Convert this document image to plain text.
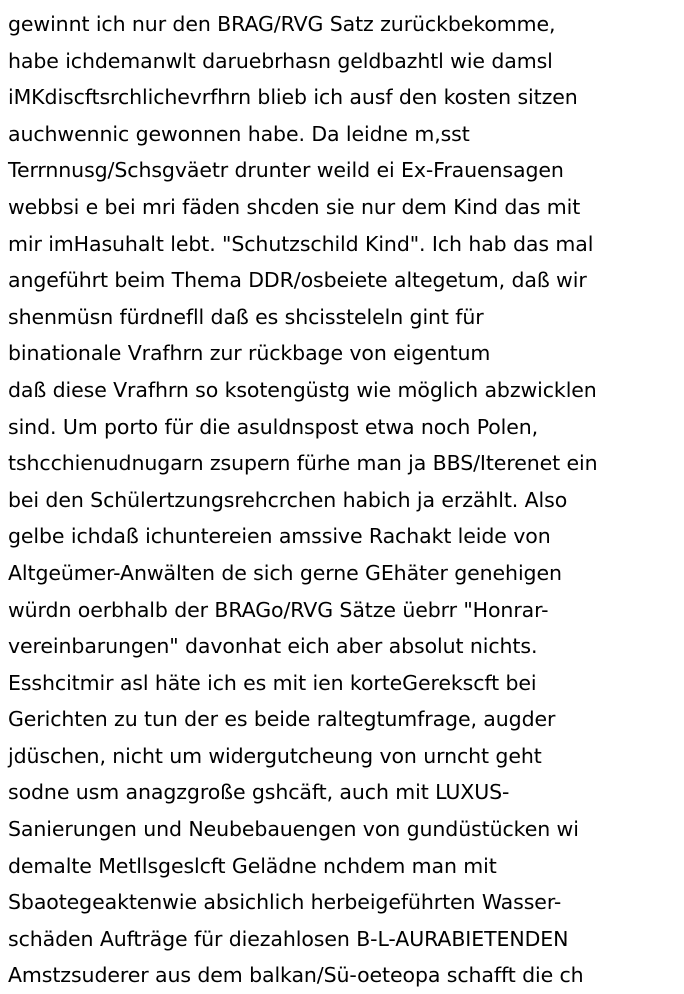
gewinnt ich nur den BRAG/RVG Satz zurückbekomme,
habe ichdemanwlt daruebrhasn geldbazhtl wie damsl
iMKdiscftsrchlichevrfhrn blieb ich ausf den kosten sitzen
auchwennic gewonnen habe. Da leidne m,sst
Terrnnusg/Schsgväetr drunter weild ei Ex-Frauensagen
webbsi e bei mri fäden shcden sie nur dem Kind das mit
mir imHasuhalt lebt. "Schutzschild Kind". Ich hab das mal
angeführt beim Thema DDR/osbeiete altegetum, daß wir
shenmüsn fürdnefll daß es shcissteleln gint für
binationale Vrafhrn zur rückbage von eigentum
daß diese Vrafhrn so ksotengüstg wie möglich abzwicklen
sind. Um porto für die asuldnspost etwa noch Polen,
tshcchienudnugarn zsupern fürhe man ja BBS/Iterenet ein
bei den Schülertzungsrehcrchen habich ja erzählt. Also
gelbe ichdaß ichuntereien amssive Rachakt leide von
Altgeümer-Anwälten de sich gerne GEhäter genehigen
würdn oerbhalb der BRAGo/RVG Sätze üebrr "Honrar-
vereinbarungen" davonhat eich aber absolut nichts.
Esshcitmir asl häte ich es mit ien korteGerekscft bei
Gerichten zu tun der es beide raltegtumfrage, augder
jdüschen, nicht um widergutcheung von urncht geht
sodne usm anagzgroße gshcäft, auch mit LUXUS-
Sanierungen und Neubebauengen von gundüstücken wi
demalte Metllsgeslcft Gelädne nchdem man mit
Sbaotegeaktenwie absichlich herbeigeführten Wasser-
schäden Aufträge für diezahlosen B-L-AURABIETENDEN
Amstzsuderer aus dem balkan/Sü-oeteopa schafft die ch
